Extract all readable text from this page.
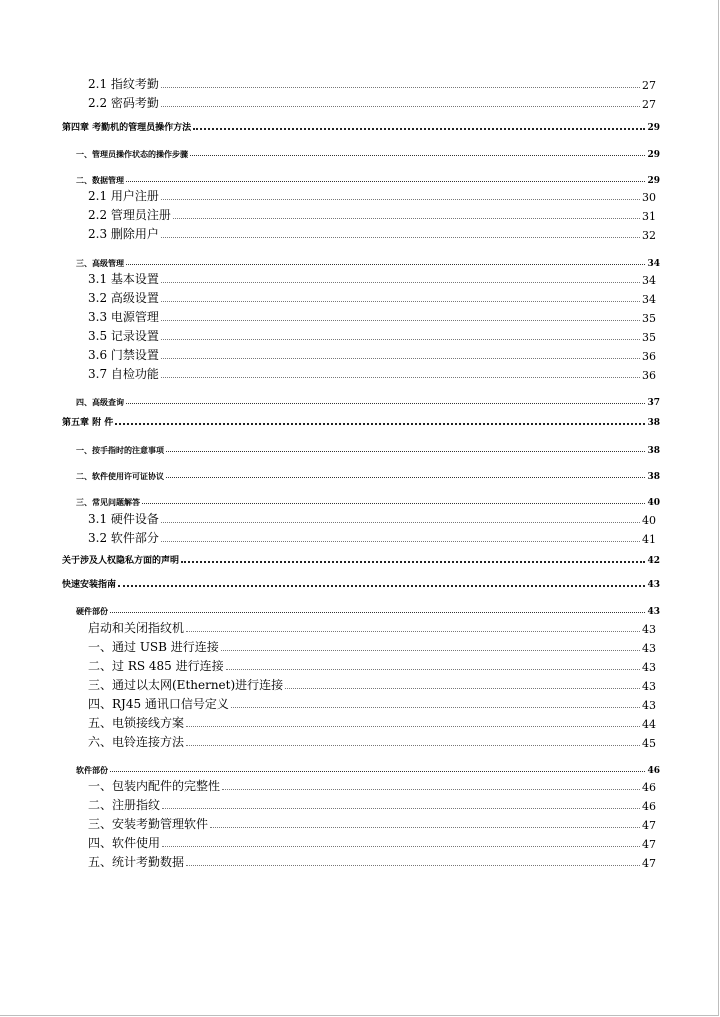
2.1 指纹考勤	27
2.2 密码考勤	27
第四章 考勤机的管理员操作方法	29
一、管理员操作状态的操作步骤	29
二、数据管理	29
2.1 用户注册	30
2.2 管理员注册	31
2.3 删除用户	32
三、高级管理	34
3.1 基本设置	34
3.2 高级设置	34
3.3 电源管理	35
3.5 记录设置	35
3.6 门禁设置	36
3.7 自检功能	36
四、高级查询	37
第五章 附 件	38
一、按手指时的注意事项	38
二、软件使用许可证协议	38
三、常见问题解答	40
3.1 硬件设备	40
3.2 软件部分	41
关于涉及人权隐私方面的声明	42
快速安装指南	43
硬件部份	43
启动和关闭指纹机	43
一、通过 USB 进行连接	43
二、过 RS 485 进行连接	43
三、通过以太网(Ethernet)进行连接	43
四、RJ45 通讯口信号定义	43
五、电锁接线方案	44
六、电铃连接方法	45
软件部份	46
一、包装内配件的完整性	46
二、注册指纹	46
三、安装考勤管理软件	47
四、软件使用	47
五、统计考勤数据	47
